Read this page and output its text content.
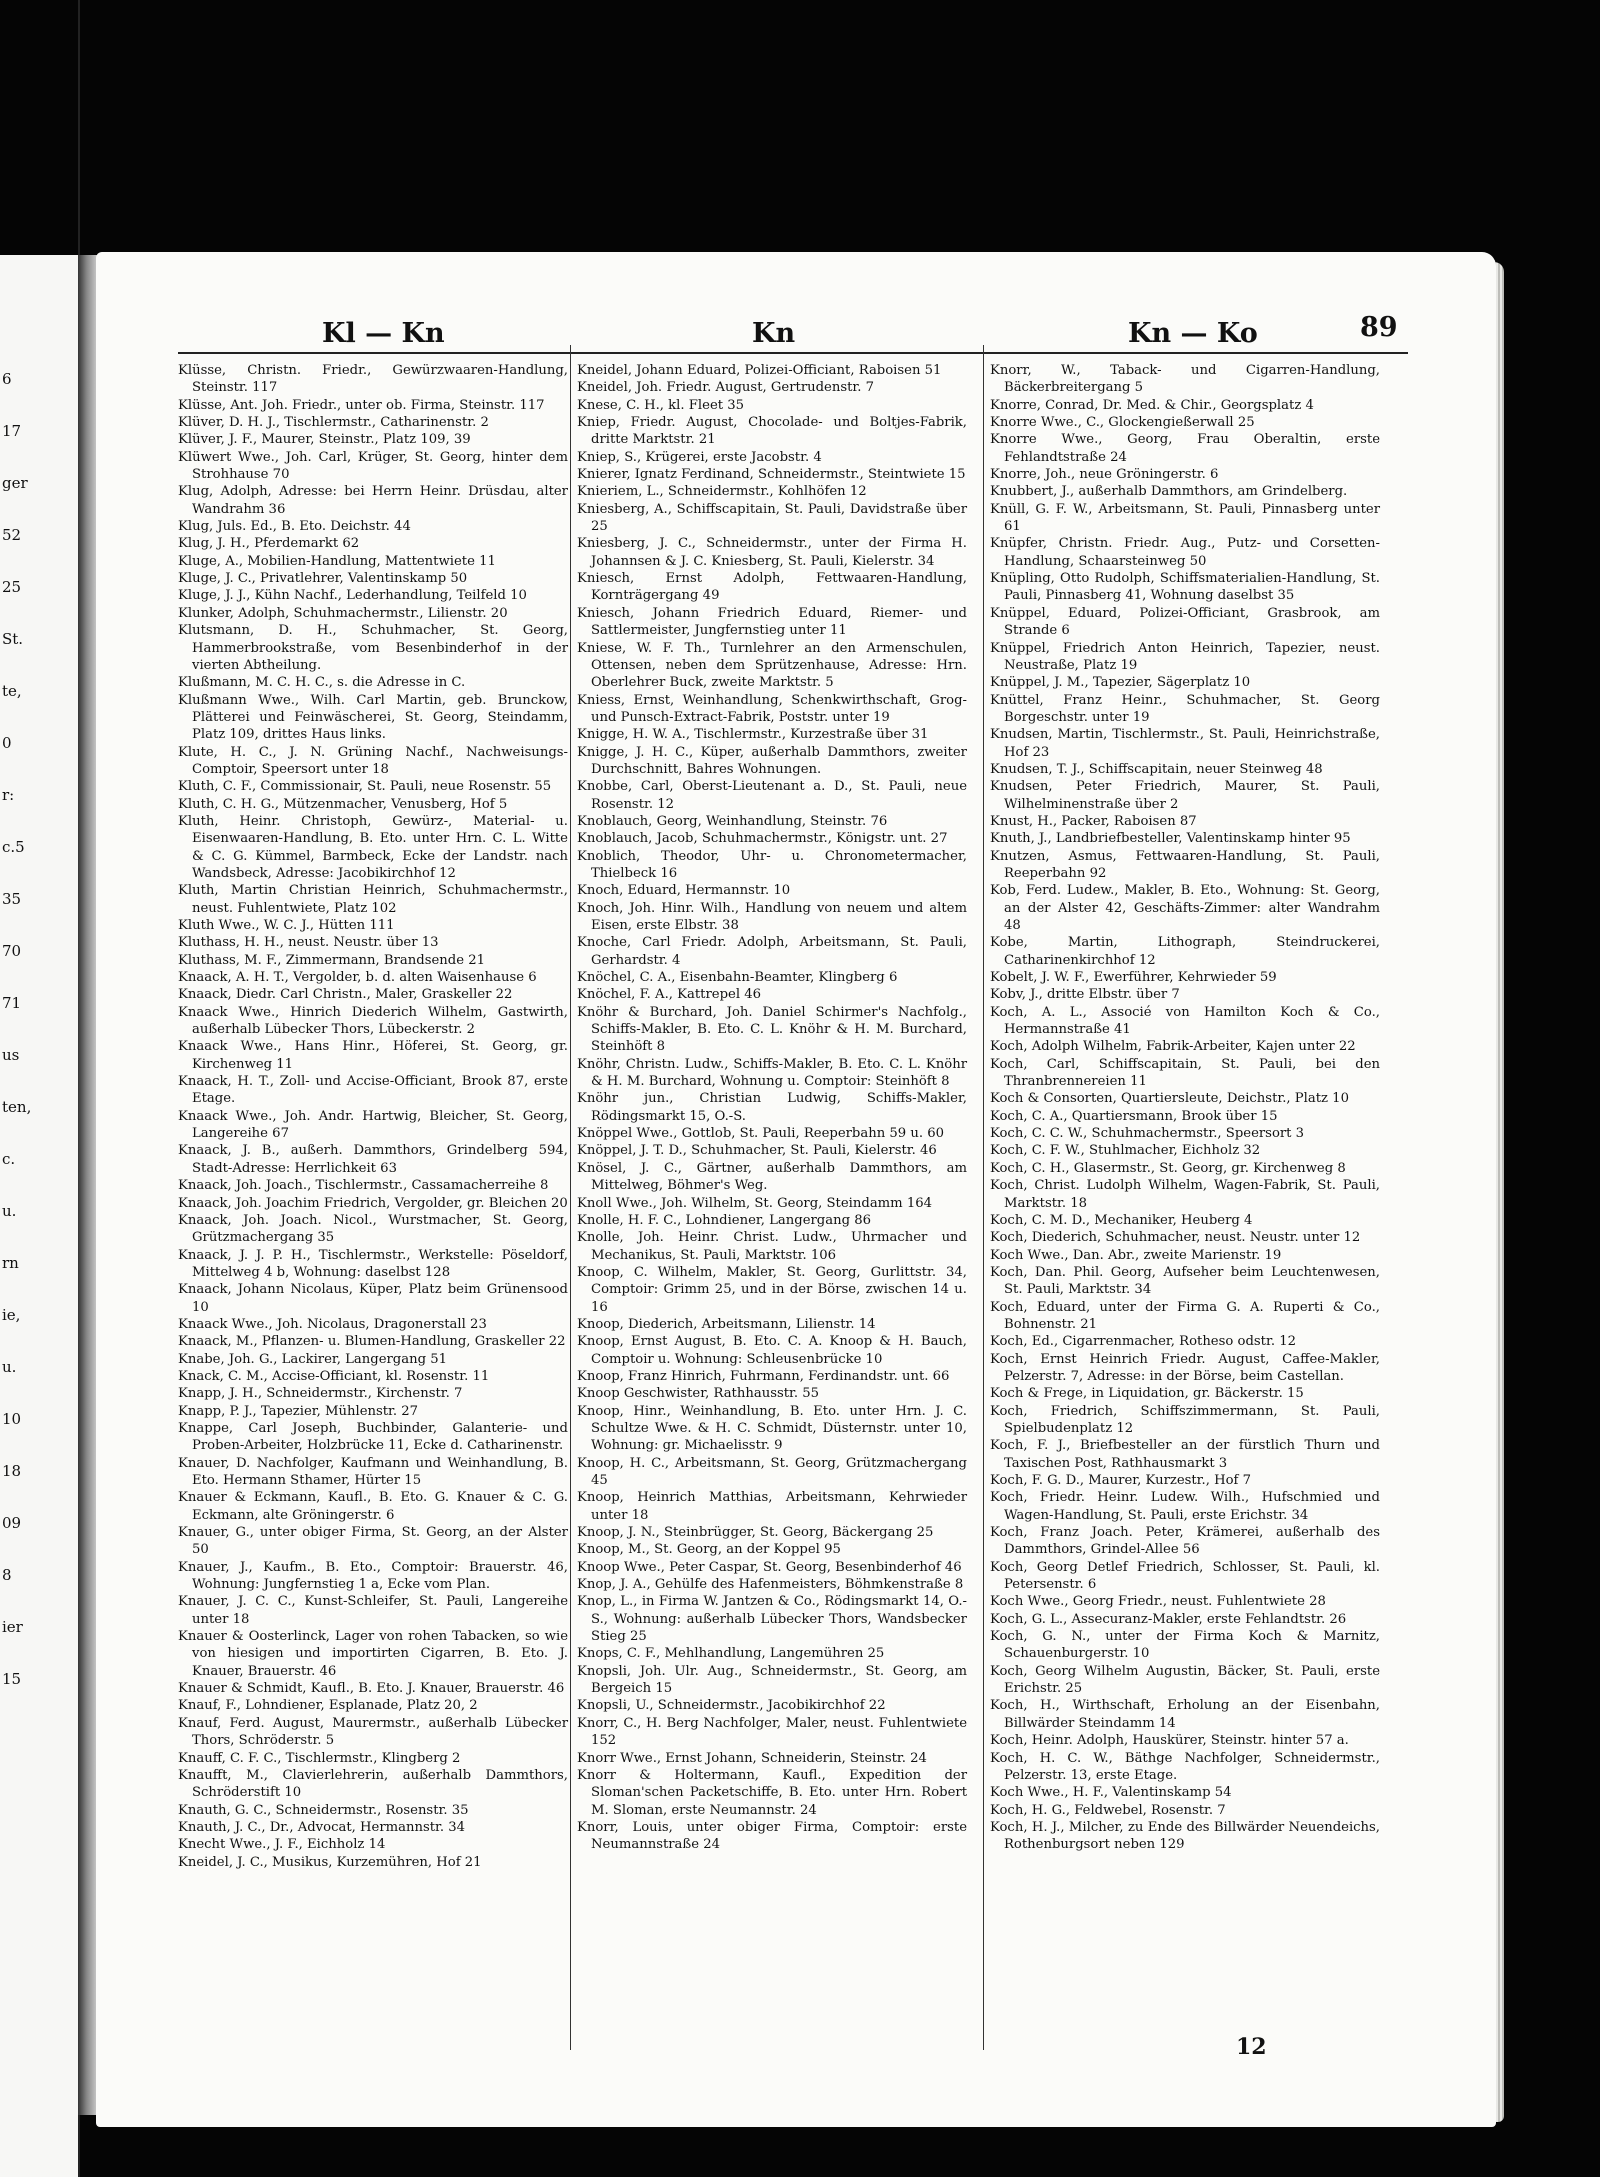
6
17
ger
52
25
St.
te,
0
r:
c.5
35
70
71
us
ten,
c.
u.
rn
ie,
u.
10
18
09
8
ier
15
Kl — Kn	Kn	Kn — Ko	89

Klüsse, Christn. Friedr., Gewürzwaaren-Handlung, Steinstr. 117

Klüsse, Ant. Joh. Friedr., unter ob. Firma, Steinstr. 117

Klüver, D. H. J., Tischlermstr., Catharinenstr. 2

Klüver, J. F., Maurer, Steinstr., Platz 109, 39

Klüwert Wwe., Joh. Carl, Krüger, St. Georg, hinter dem Strohhause 70

Klug, Adolph, Adresse: bei Herrn Heinr. Drüsdau, alter Wandrahm 36

Klug, Juls. Ed., B. Eto. Deichstr. 44

Klug, J. H., Pferdemarkt 62

Kluge, A., Mobilien-Handlung, Mattentwiete 11

Kluge, J. C., Privatlehrer, Valentinskamp 50

Kluge, J. J., Kühn Nachf., Lederhandlung, Teilfeld 10

Klunker, Adolph, Schuhmachermstr., Lilienstr. 20

Klutsmann, D. H., Schuhmacher, St. Georg, Hammerbrookstraße, vom Besenbinderhof in der vierten Abtheilung.

Klußmann, M. C. H. C., s. die Adresse in C.

Klußmann Wwe., Wilh. Carl Martin, geb. Brunckow, Plätterei und Feinwäscherei, St. Georg, Steindamm, Platz 109, drittes Haus links.

Klute, H. C., J. N. Grüning Nachf., Nachweisungs-Comptoir, Speersort unter 18

Kluth, C. F., Commissionair, St. Pauli, neue Rosenstr. 55

Kluth, C. H. G., Mützenmacher, Venusberg, Hof 5

Kluth, Heinr. Christoph, Gewürz-, Material- u. Eisenwaaren-Handlung, B. Eto. unter Hrn. C. L. Witte & C. G. Kümmel, Barmbeck, Ecke der Landstr. nach Wandsbeck, Adresse: Jacobikirchhof 12

Kluth, Martin Christian Heinrich, Schuhmachermstr., neust. Fuhlentwiete, Platz 102

Kluth Wwe., W. C. J., Hütten 111

Kluthass, H. H., neust. Neustr. über 13

Kluthass, M. F., Zimmermann, Brandsende 21

Knaack, A. H. T., Vergolder, b. d. alten Waisenhause 6

Knaack, Diedr. Carl Christn., Maler, Graskeller 22

Knaack Wwe., Hinrich Diederich Wilhelm, Gastwirth, außerhalb Lübecker Thors, Lübeckerstr. 2

Knaack Wwe., Hans Hinr., Höferei, St. Georg, gr. Kirchenweg 11

Knaack, H. T., Zoll- und Accise-Officiant, Brook 87, erste Etage.

Knaack Wwe., Joh. Andr. Hartwig, Bleicher, St. Georg, Langereihe 67

Knaack, J. B., außerh. Dammthors, Grindelberg 594, Stadt-Adresse: Herrlichkeit 63

Knaack, Joh. Joach., Tischlermstr., Cassamacherreihe 8

Knaack, Joh. Joachim Friedrich, Vergolder, gr. Bleichen 20

Knaack, Joh. Joach. Nicol., Wurstmacher, St. Georg, Grützmachergang 35

Knaack, J. J. P. H., Tischlermstr., Werkstelle: Pöseldorf, Mittelweg 4 b, Wohnung: daselbst 128

Knaack, Johann Nicolaus, Küper, Platz beim Grünensood 10

Knaack Wwe., Joh. Nicolaus, Dragonerstall 23

Knaack, M., Pflanzen- u. Blumen-Handlung, Graskeller 22

Knabe, Joh. G., Lackirer, Langergang 51

Knack, C. M., Accise-Officiant, kl. Rosenstr. 11

Knapp, J. H., Schneidermstr., Kirchenstr. 7

Knapp, P. J., Tapezier, Mühlenstr. 27

Knappe, Carl Joseph, Buchbinder, Galanterie- und Proben-Arbeiter, Holzbrücke 11, Ecke d. Catharinenstr.

Knauer, D. Nachfolger, Kaufmann und Weinhandlung, B. Eto. Hermann Sthamer, Hürter 15

Knauer & Eckmann, Kaufl., B. Eto. G. Knauer & C. G. Eckmann, alte Gröningerstr. 6

Knauer, G., unter obiger Firma, St. Georg, an der Alster 50

Knauer, J., Kaufm., B. Eto., Comptoir: Brauerstr. 46, Wohnung: Jungfernstieg 1 a, Ecke vom Plan.

Knauer, J. C. C., Kunst-Schleifer, St. Pauli, Langereihe unter 18

Knauer & Oosterlinck, Lager von rohen Tabacken, so wie von hiesigen und importirten Cigarren, B. Eto. J. Knauer, Brauerstr. 46

Knauer & Schmidt, Kaufl., B. Eto. J. Knauer, Brauerstr. 46

Knauf, F., Lohndiener, Esplanade, Platz 20, 2

Knauf, Ferd. August, Maurermstr., außerhalb Lübecker Thors, Schröderstr. 5

Knauff, C. F. C., Tischlermstr., Klingberg 2

Knaufft, M., Clavierlehrerin, außerhalb Dammthors, Schröderstift 10

Knauth, G. C., Schneidermstr., Rosenstr. 35

Knauth, J. C., Dr., Advocat, Hermannstr. 34

Knecht Wwe., J. F., Eichholz 14

Kneidel, J. C., Musikus, Kurzemühren, Hof 21

Kneidel, Johann Eduard, Polizei-Officiant, Raboisen 51

Kneidel, Joh. Friedr. August, Gertrudenstr. 7

Knese, C. H., kl. Fleet 35

Kniep, Friedr. August, Chocolade- und Boltjes-Fabrik, dritte Marktstr. 21

Kniep, S., Krügerei, erste Jacobstr. 4

Knierer, Ignatz Ferdinand, Schneidermstr., Steintwiete 15

Knieriem, L., Schneidermstr., Kohlhöfen 12

Kniesberg, A., Schiffscapitain, St. Pauli, Davidstraße über 25

Kniesberg, J. C., Schneidermstr., unter der Firma H. Johannsen & J. C. Kniesberg, St. Pauli, Kielerstr. 34

Kniesch, Ernst Adolph, Fettwaaren-Handlung, Kornträgergang 49

Kniesch, Johann Friedrich Eduard, Riemer- und Sattlermeister, Jungfernstieg unter 11

Kniese, W. F. Th., Turnlehrer an den Armenschulen, Ottensen, neben dem Sprützenhause, Adresse: Hrn. Oberlehrer Buck, zweite Marktstr. 5

Kniess, Ernst, Weinhandlung, Schenkwirthschaft, Grog- und Punsch-Extract-Fabrik, Poststr. unter 19

Knigge, H. W. A., Tischlermstr., Kurzestraße über 31

Knigge, J. H. C., Küper, außerhalb Dammthors, zweiter Durchschnitt, Bahres Wohnungen.

Knobbe, Carl, Oberst-Lieutenant a. D., St. Pauli, neue Rosenstr. 12

Knoblauch, Georg, Weinhandlung, Steinstr. 76

Knoblauch, Jacob, Schuhmachermstr., Königstr. unt. 27

Knoblich, Theodor, Uhr- u. Chronometermacher, Thielbeck 16

Knoch, Eduard, Hermannstr. 10

Knoch, Joh. Hinr. Wilh., Handlung von neuem und altem Eisen, erste Elbstr. 38

Knoche, Carl Friedr. Adolph, Arbeitsmann, St. Pauli, Gerhardstr. 4

Knöchel, C. A., Eisenbahn-Beamter, Klingberg 6

Knöchel, F. A., Kattrepel 46

Knöhr & Burchard, Joh. Daniel Schirmer's Nachfolg., Schiffs-Makler, B. Eto. C. L. Knöhr & H. M. Burchard, Steinhöft 8

Knöhr, Christn. Ludw., Schiffs-Makler, B. Eto. C. L. Knöhr & H. M. Burchard, Wohnung u. Comptoir: Steinhöft 8

Knöhr jun., Christian Ludwig, Schiffs-Makler, Rödingsmarkt 15, O.-S.

Knöppel Wwe., Gottlob, St. Pauli, Reeperbahn 59 u. 60

Knöppel, J. T. D., Schuhmacher, St. Pauli, Kielerstr. 46

Knösel, J. C., Gärtner, außerhalb Dammthors, am Mittelweg, Böhmer's Weg.

Knoll Wwe., Joh. Wilhelm, St. Georg, Steindamm 164

Knolle, H. F. C., Lohndiener, Langergang 86

Knolle, Joh. Heinr. Christ. Ludw., Uhrmacher und Mechanikus, St. Pauli, Marktstr. 106

Knoop, C. Wilhelm, Makler, St. Georg, Gurlittstr. 34, Comptoir: Grimm 25, und in der Börse, zwischen 14 u. 16

Knoop, Diederich, Arbeitsmann, Lilienstr. 14

Knoop, Ernst August, B. Eto. C. A. Knoop & H. Bauch, Comptoir u. Wohnung: Schleusenbrücke 10

Knoop, Franz Hinrich, Fuhrmann, Ferdinandstr. unt. 66

Knoop Geschwister, Rathhausstr. 55

Knoop, Hinr., Weinhandlung, B. Eto. unter Hrn. J. C. Schultze Wwe. & H. C. Schmidt, Düsternstr. unter 10, Wohnung: gr. Michaelisstr. 9

Knoop, H. C., Arbeitsmann, St. Georg, Grützmachergang 45

Knoop, Heinrich Matthias, Arbeitsmann, Kehrwieder unter 18

Knoop, J. N., Steinbrügger, St. Georg, Bäckergang 25

Knoop, M., St. Georg, an der Koppel 95

Knoop Wwe., Peter Caspar, St. Georg, Besenbinderhof 46

Knop, J. A., Gehülfe des Hafenmeisters, Böhmkenstraße 8

Knop, L., in Firma W. Jantzen & Co., Rödingsmarkt 14, O.-S., Wohnung: außerhalb Lübecker Thors, Wandsbecker Stieg 25

Knops, C. F., Mehlhandlung, Langemühren 25

Knopsli, Joh. Ulr. Aug., Schneidermstr., St. Georg, am Bergeich 15

Knopsli, U., Schneidermstr., Jacobikirchhof 22

Knorr, C., H. Berg Nachfolger, Maler, neust. Fuhlentwiete 152

Knorr Wwe., Ernst Johann, Schneiderin, Steinstr. 24

Knorr & Holtermann, Kaufl., Expedition der Sloman'schen Packetschiffe, B. Eto. unter Hrn. Robert M. Sloman, erste Neumannstr. 24

Knorr, Louis, unter obiger Firma, Comptoir: erste Neumannstraße 24

Knorr, W., Taback- und Cigarren-Handlung, Bäckerbreitergang 5

Knorre, Conrad, Dr. Med. & Chir., Georgsplatz 4

Knorre Wwe., C., Glockengießerwall 25

Knorre Wwe., Georg, Frau Oberaltin, erste Fehlandtstraße 24

Knorre, Joh., neue Gröningerstr. 6

Knubbert, J., außerhalb Dammthors, am Grindelberg.

Knüll, G. F. W., Arbeitsmann, St. Pauli, Pinnasberg unter 61

Knüpfer, Christn. Friedr. Aug., Putz- und Corsetten-Handlung, Schaarsteinweg 50

Knüpling, Otto Rudolph, Schiffsmaterialien-Handlung, St. Pauli, Pinnasberg 41, Wohnung daselbst 35

Knüppel, Eduard, Polizei-Officiant, Grasbrook, am Strande 6

Knüppel, Friedrich Anton Heinrich, Tapezier, neust. Neustraße, Platz 19

Knüppel, J. M., Tapezier, Sägerplatz 10

Knüttel, Franz Heinr., Schuhmacher, St. Georg Borgeschstr. unter 19

Knudsen, Martin, Tischlermstr., St. Pauli, Heinrichstraße, Hof 23

Knudsen, T. J., Schiffscapitain, neuer Steinweg 48

Knudsen, Peter Friedrich, Maurer, St. Pauli, Wilhelminenstraße über 2

Knust, H., Packer, Raboisen 87

Knuth, J., Landbriefbesteller, Valentinskamp hinter 95

Knutzen, Asmus, Fettwaaren-Handlung, St. Pauli, Reeperbahn 92

Kob, Ferd. Ludew., Makler, B. Eto., Wohnung: St. Georg, an der Alster 42, Geschäfts-Zimmer: alter Wandrahm 48

Kobe, Martin, Lithograph, Steindruckerei, Catharinenkirchhof 12

Kobelt, J. W. F., Ewerführer, Kehrwieder 59

Kobv, J., dritte Elbstr. über 7

Koch, A. L., Associé von Hamilton Koch & Co., Hermannstraße 41

Koch, Adolph Wilhelm, Fabrik-Arbeiter, Kajen unter 22

Koch, Carl, Schiffscapitain, St. Pauli, bei den Thranbrennereien 11

Koch & Consorten, Quartiersleute, Deichstr., Platz 10

Koch, C. A., Quartiersmann, Brook über 15

Koch, C. C. W., Schuhmachermstr., Speersort 3

Koch, C. F. W., Stuhlmacher, Eichholz 32

Koch, C. H., Glasermstr., St. Georg, gr. Kirchenweg 8

Koch, Christ. Ludolph Wilhelm, Wagen-Fabrik, St. Pauli, Marktstr. 18

Koch, C. M. D., Mechaniker, Heuberg 4

Koch, Diederich, Schuhmacher, neust. Neustr. unter 12

Koch Wwe., Dan. Abr., zweite Marienstr. 19

Koch, Dan. Phil. Georg, Aufseher beim Leuchtenwesen, St. Pauli, Marktstr. 34

Koch, Eduard, unter der Firma G. A. Ruperti & Co., Bohnenstr. 21

Koch, Ed., Cigarrenmacher, Rotheso odstr. 12

Koch, Ernst Heinrich Friedr. August, Caffee-Makler, Pelzerstr. 7, Adresse: in der Börse, beim Castellan.

Koch & Frege, in Liquidation, gr. Bäckerstr. 15

Koch, Friedrich, Schiffszimmermann, St. Pauli, Spielbudenplatz 12

Koch, F. J., Briefbesteller an der fürstlich Thurn und Taxischen Post, Rathhausmarkt 3

Koch, F. G. D., Maurer, Kurzestr., Hof 7

Koch, Friedr. Heinr. Ludew. Wilh., Hufschmied und Wagen-Handlung, St. Pauli, erste Erichstr. 34

Koch, Franz Joach. Peter, Krämerei, außerhalb des Dammthors, Grindel-Allee 56

Koch, Georg Detlef Friedrich, Schlosser, St. Pauli, kl. Petersenstr. 6

Koch Wwe., Georg Friedr., neust. Fuhlentwiete 28

Koch, G. L., Assecuranz-Makler, erste Fehlandtstr. 26

Koch, G. N., unter der Firma Koch & Marnitz, Schauenburgerstr. 10

Koch, Georg Wilhelm Augustin, Bäcker, St. Pauli, erste Erichstr. 25

Koch, H., Wirthschaft, Erholung an der Eisenbahn, Billwärder Steindamm 14

Koch, Heinr. Adolph, Hauskürer, Steinstr. hinter 57 a.

Koch, H. C. W., Bäthge Nachfolger, Schneidermstr., Pelzerstr. 13, erste Etage.

Koch Wwe., H. F., Valentinskamp 54

Koch, H. G., Feldwebel, Rosenstr. 7

Koch, H. J., Milcher, zu Ende des Billwärder Neuendeichs, Rothenburgsort neben 129

12
